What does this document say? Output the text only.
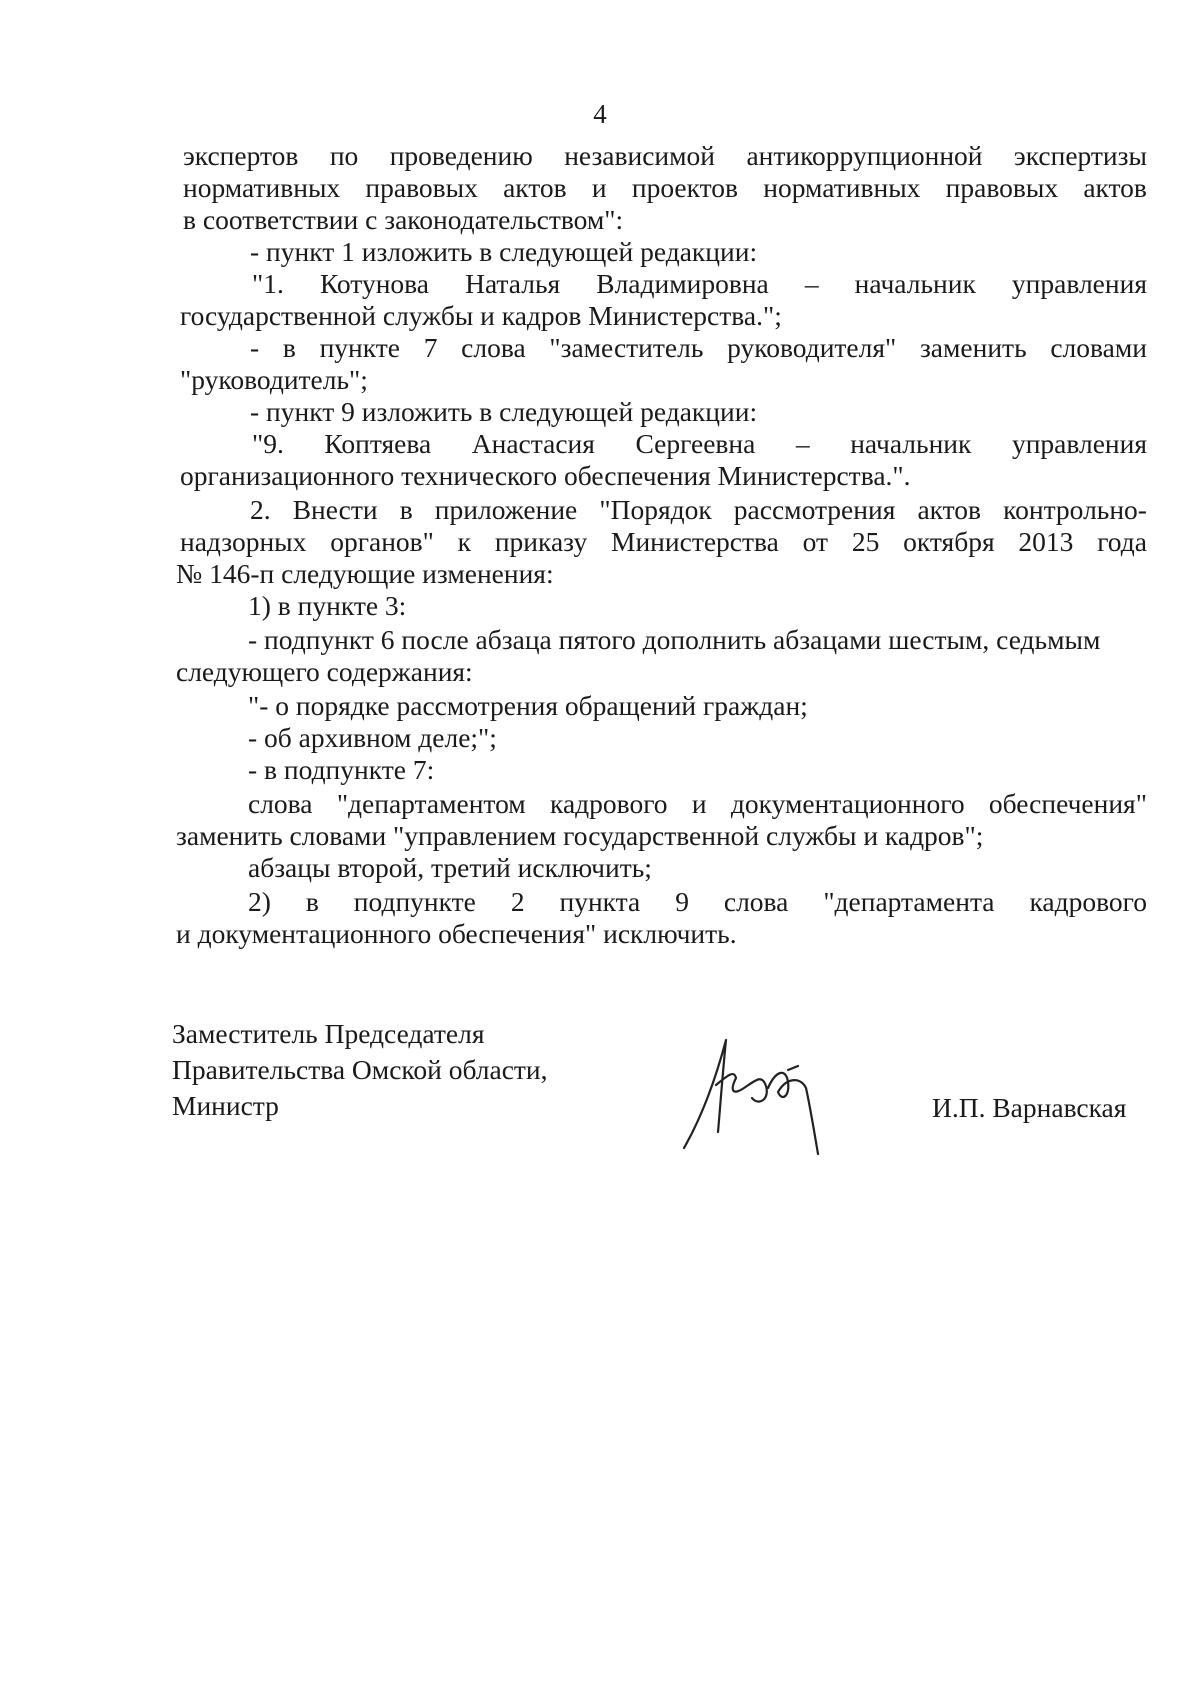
4
экспертов по проведению независимой антикоррупционной экспертизы
нормативных правовых актов и проектов нормативных правовых актов
в соответствии с законодательством":
- пункт 1 изложить в следующей редакции:
"1. Котунова Наталья Владимировна – начальник управления
государственной службы и кадров Министерства.";
- в пункте 7 слова "заместитель руководителя" заменить словами
"руководитель";
- пункт 9 изложить в следующей редакции:
"9. Коптяева Анастасия Сергеевна – начальник управления
организационного технического обеспечения Министерства.".
2. Внести в приложение "Порядок рассмотрения актов контрольно-
надзорных органов" к приказу Министерства от 25 октября 2013 года
№ 146-п следующие изменения:
1) в пункте 3:
- подпункт 6 после абзаца пятого дополнить абзацами шестым, седьмым
следующего содержания:
"- о порядке рассмотрения обращений граждан;
- об архивном деле;";
- в подпункте 7:
слова "департаментом кадрового и документационного обеспечения"
заменить словами "управлением государственной службы и кадров";
абзацы второй, третий исключить;
2) в подпункте 2 пункта 9 слова "департамента кадрового
и документационного обеспечения" исключить.
Заместитель Председателя
Правительства Омской области,
Министр	И.П. Варнавская
